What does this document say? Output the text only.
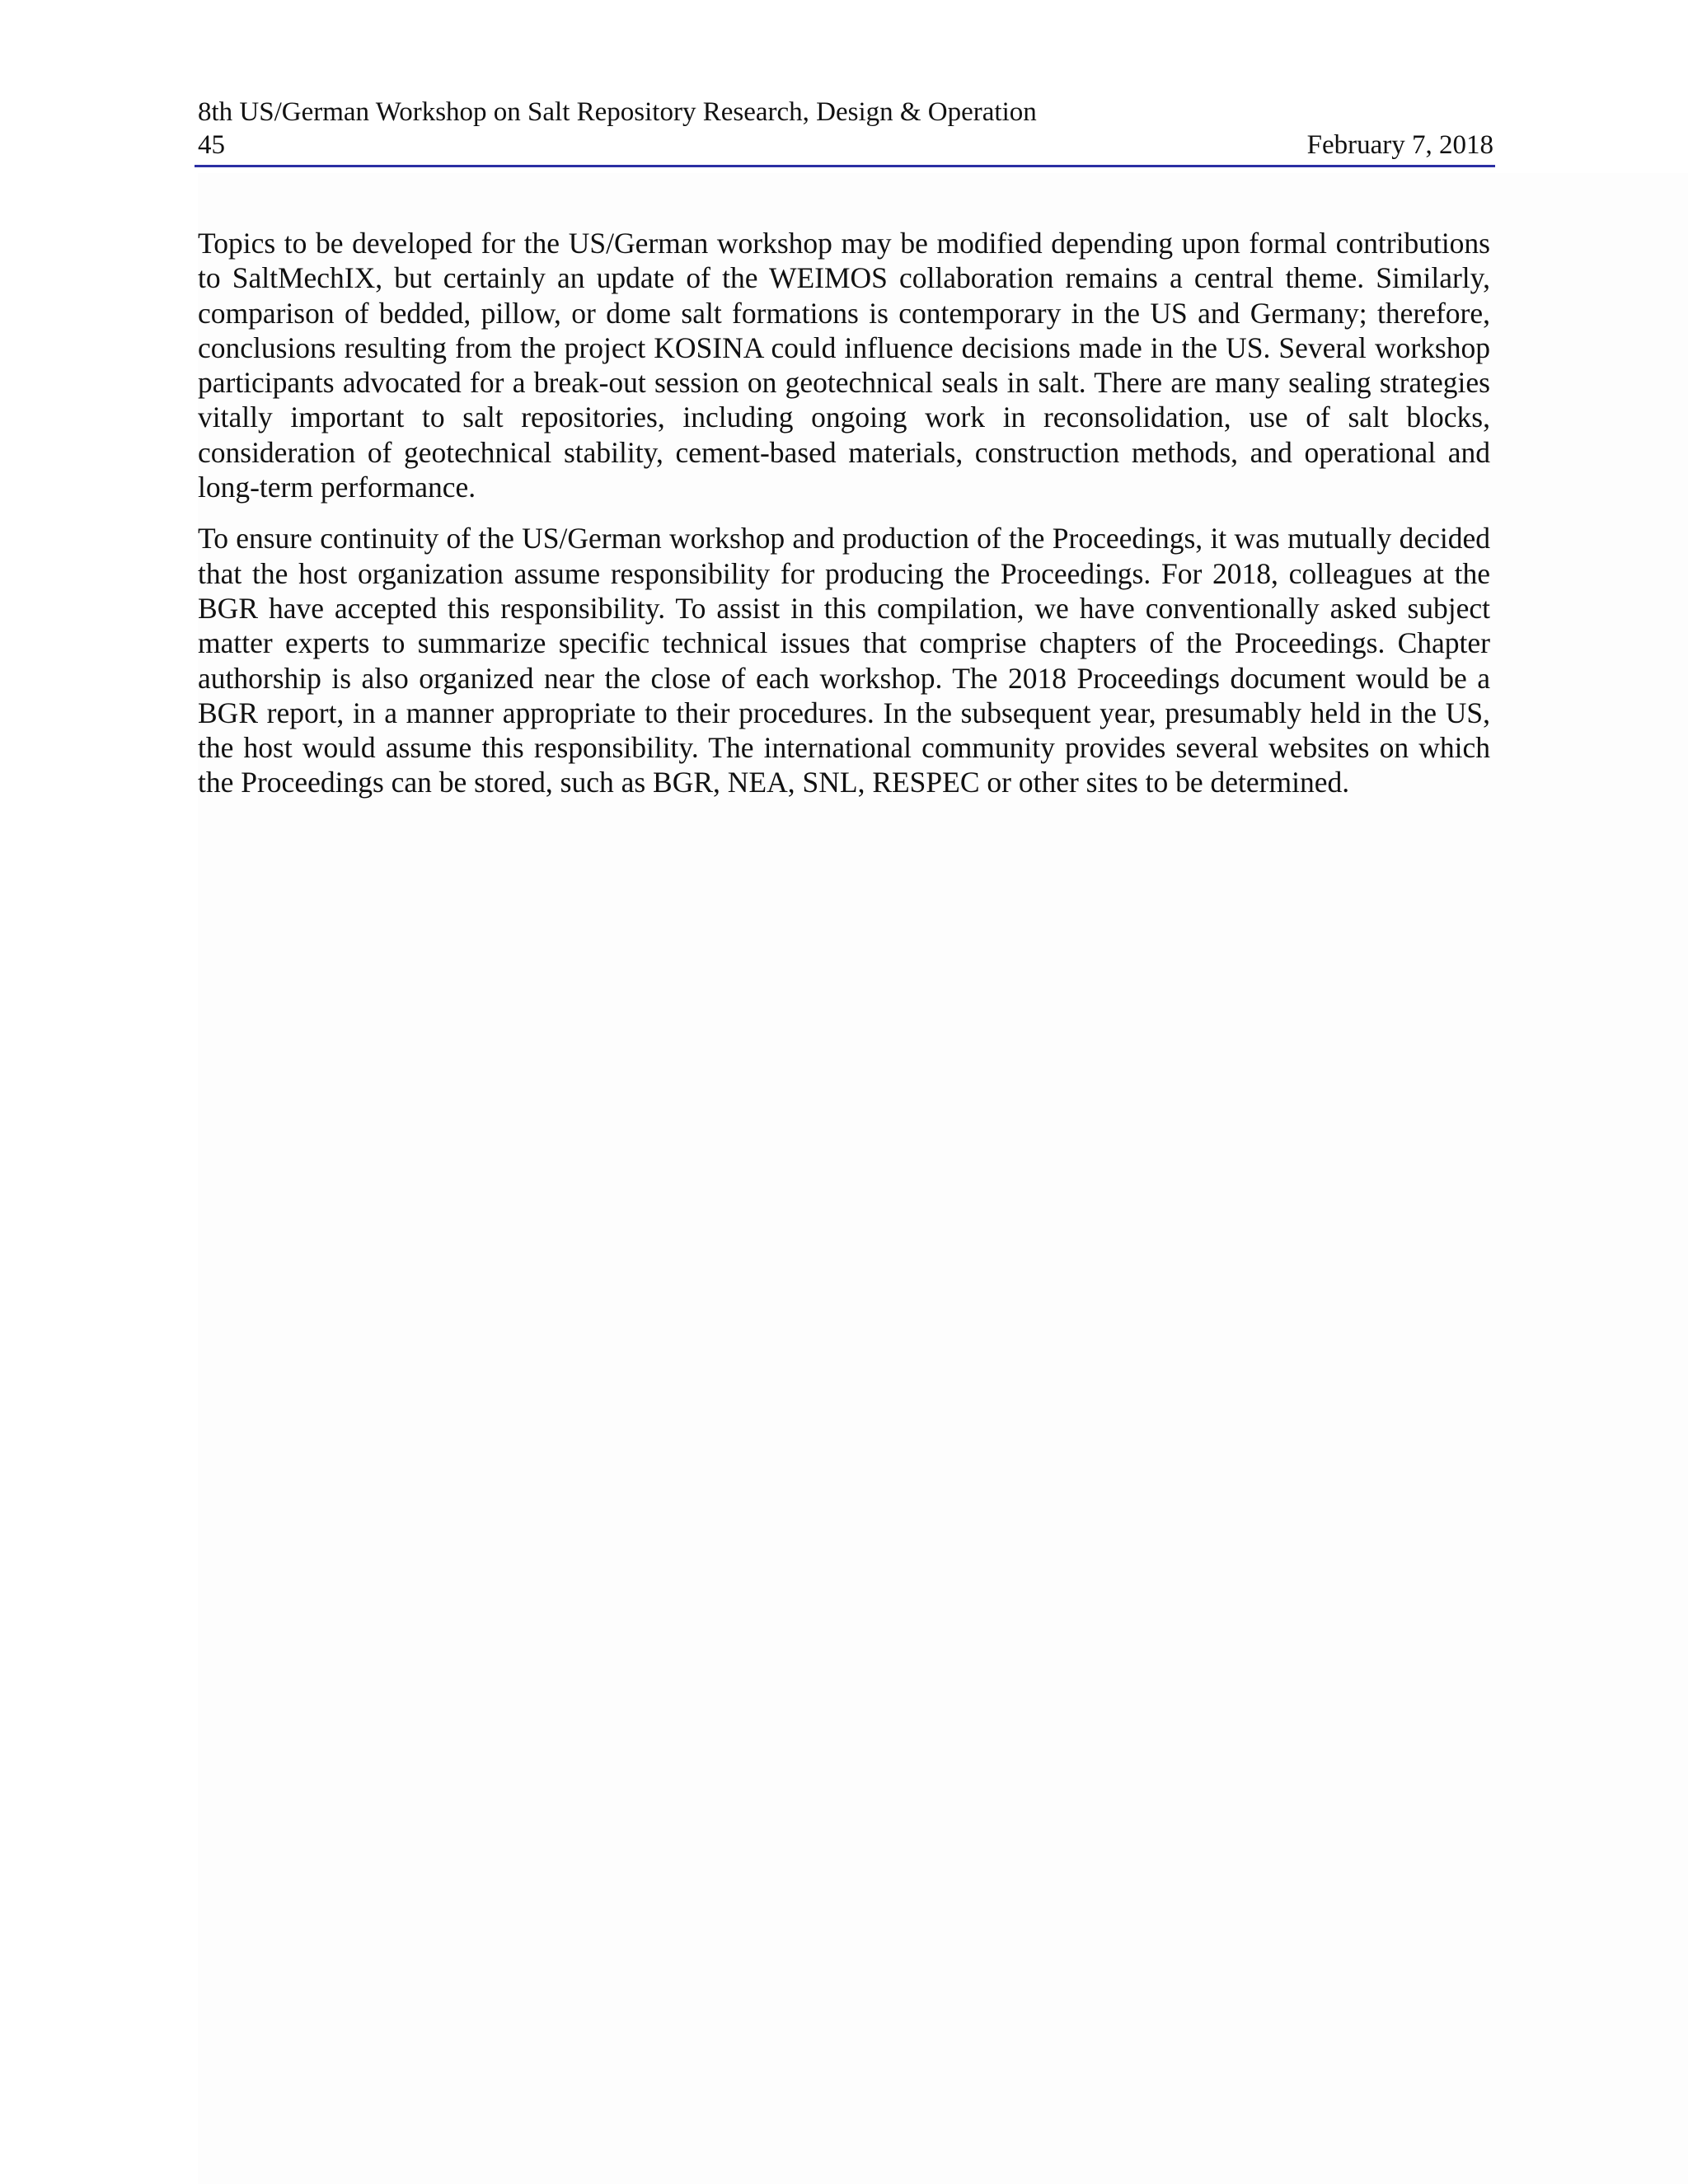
8th US/German Workshop on Salt Repository Research, Design & Operation
45	February 7, 2018

Topics to be developed for the US/German workshop may be modified depending upon formal contributions to SaltMechIX, but certainly an update of the WEIMOS collaboration remains a central theme. Similarly, comparison of bedded, pillow, or dome salt formations is contemporary in the US and Germany; therefore, conclusions resulting from the project KOSINA could influence decisions made in the US. Several workshop participants advocated for a break-out session on geotechnical seals in salt. There are many sealing strategies vitally important to salt repositories, including ongoing work in reconsolidation, use of salt blocks, consideration of geotechnical stability, cement-based materials, construction methods, and operational and long-term performance.

To ensure continuity of the US/German workshop and production of the Proceedings, it was mutually decided that the host organization assume responsibility for producing the Proceedings. For 2018, colleagues at the BGR have accepted this responsibility. To assist in this compilation, we have conventionally asked subject matter experts to summarize specific technical issues that comprise chapters of the Proceedings. Chapter authorship is also organized near the close of each workshop. The 2018 Proceedings document would be a BGR report, in a manner appropriate to their procedures. In the subsequent year, presumably held in the US, the host would assume this responsibility. The international community provides several websites on which the Proceedings can be stored, such as BGR, NEA, SNL, RESPEC or other sites to be determined.
